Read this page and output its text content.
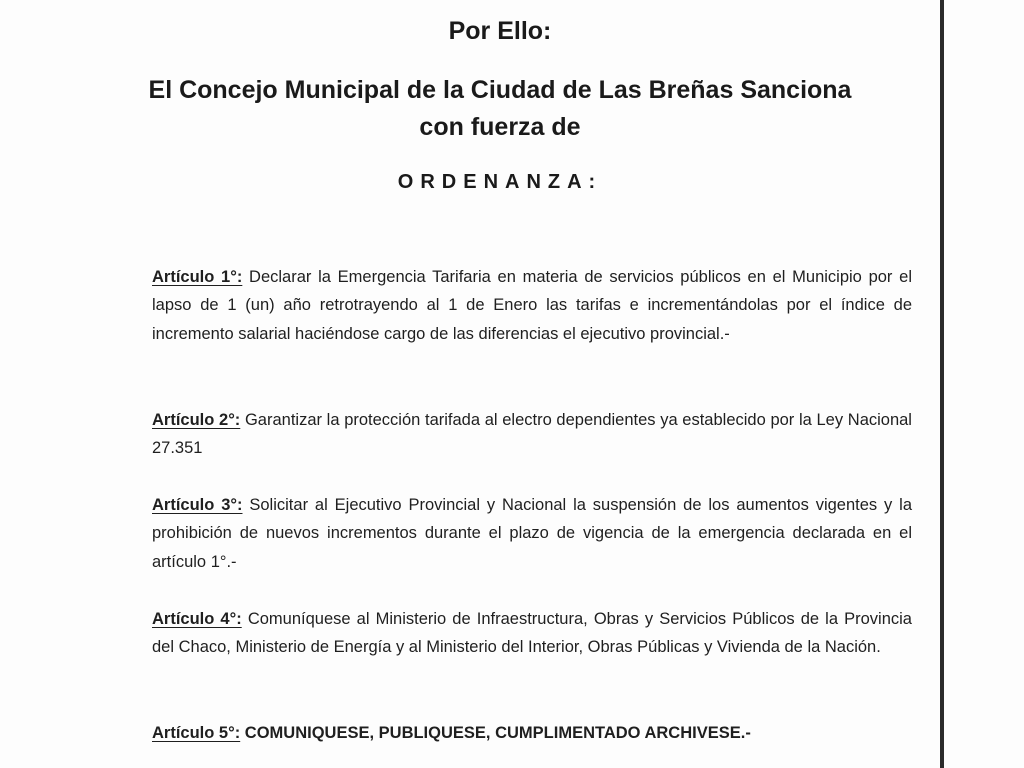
Por Ello:
El Concejo Municipal de la Ciudad de Las Breñas Sanciona
con fuerza de
ORDENANZA:

Artículo 1°: Declarar la Emergencia Tarifaria en materia de servicios públicos en el Municipio por el lapso de 1 (un) año retrotrayendo al 1 de Enero las tarifas e incrementándolas por el índice de incremento salarial haciéndose cargo de las diferencias el ejecutivo provincial.-

Artículo 2°: Garantizar la protección tarifada al electro dependientes ya establecido por la Ley Nacional 27.351

Artículo 3°: Solicitar al Ejecutivo Provincial y Nacional la suspensión de los aumentos vigentes y la prohibición de nuevos incrementos durante el plazo de vigencia de la emergencia declarada en el artículo 1°.-

Artículo 4°: Comuníquese al Ministerio de Infraestructura, Obras y Servicios Públicos de la Provincia del Chaco, Ministerio de Energía y al Ministerio del Interior, Obras Públicas y Vivienda de la Nación.

Artículo 5°: COMUNIQUESE, PUBLIQUESE, CUMPLIMENTADO ARCHIVESE.-
